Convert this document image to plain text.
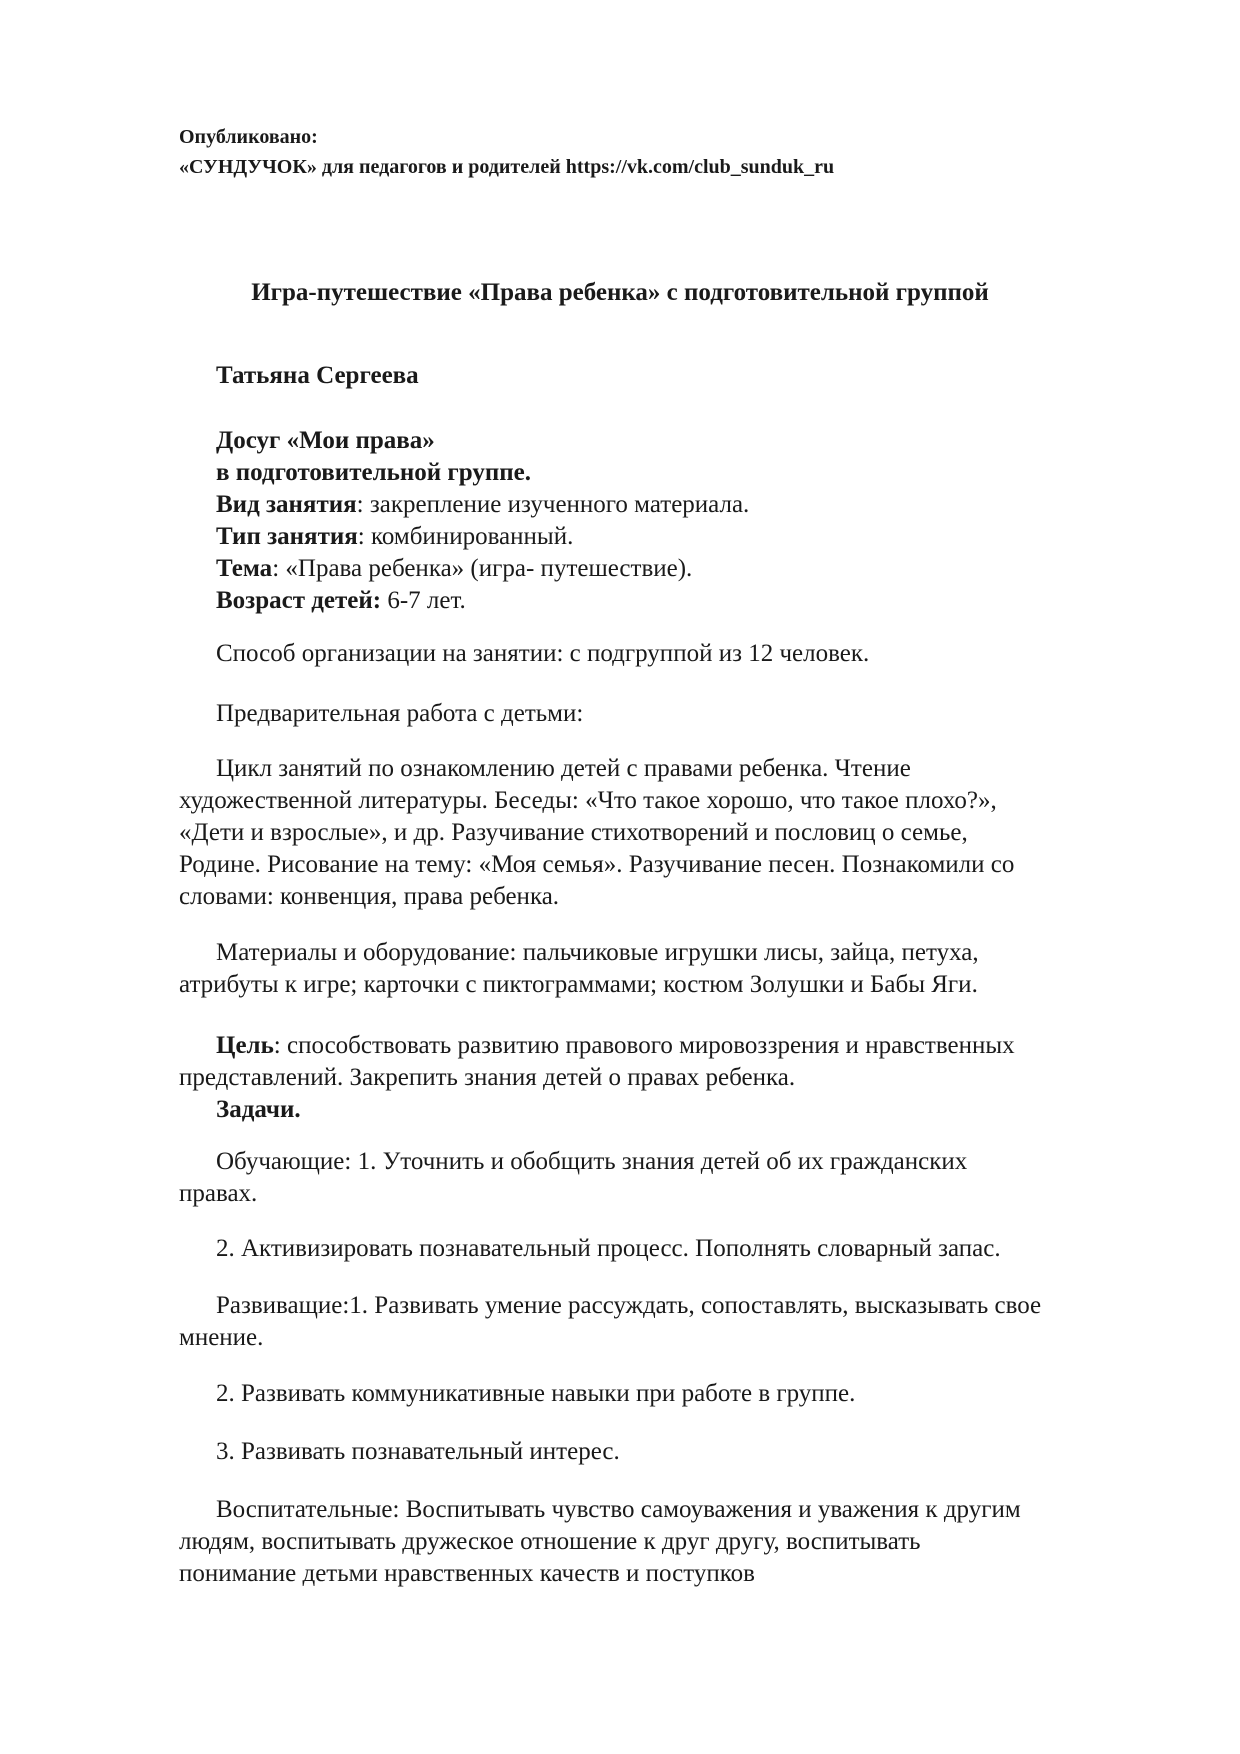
Опубликовано:
«СУНДУЧОК» для педагогов и родителей https://vk.com/club_sunduk_ru
Игра-путешествие «Права ребенка» с подготовительной группой
Татьяна Сергеева
Досуг «Мои права»
в подготовительной группе.
Вид занятия: закрепление изученного материала.
Тип занятия: комбинированный.
Тема: «Права ребенка» (игра- путешествие).
Возраст детей: 6-7 лет.
Способ организации на занятии: с подгруппой из 12 человек.
Предварительная работа с детьми:
Цикл занятий по ознакомлению детей с правами ребенка. Чтение
художественной литературы. Беседы: «Что такое хорошо, что такое плохо?»,
«Дети и взрослые», и др. Разучивание стихотворений и пословиц о семье,
Родине. Рисование на тему: «Моя семья». Разучивание песен. Познакомили со
словами: конвенция, права ребенка.
Материалы и оборудование: пальчиковые игрушки лисы, зайца, петуха,
атрибуты к игре; карточки с пиктограммами; костюм Золушки и Бабы Яги.
Цель: способствовать развитию правового мировоззрения и нравственных
представлений. Закрепить знания детей о правах ребенка.
Задачи.
Обучающие: 1. Уточнить и обобщить знания детей об их гражданских
правах.
2. Активизировать познавательный процесс. Пополнять словарный запас.
Развиващие:1. Развивать умение рассуждать, сопоставлять, высказывать свое
мнение.
2. Развивать коммуникативные навыки при работе в группе.
3. Развивать познавательный интерес.
Воспитательные: Воспитывать чувство самоуважения и уважения к другим
людям, воспитывать дружеское отношение к друг другу, воспитывать
понимание детьми нравственных качеств и поступков
